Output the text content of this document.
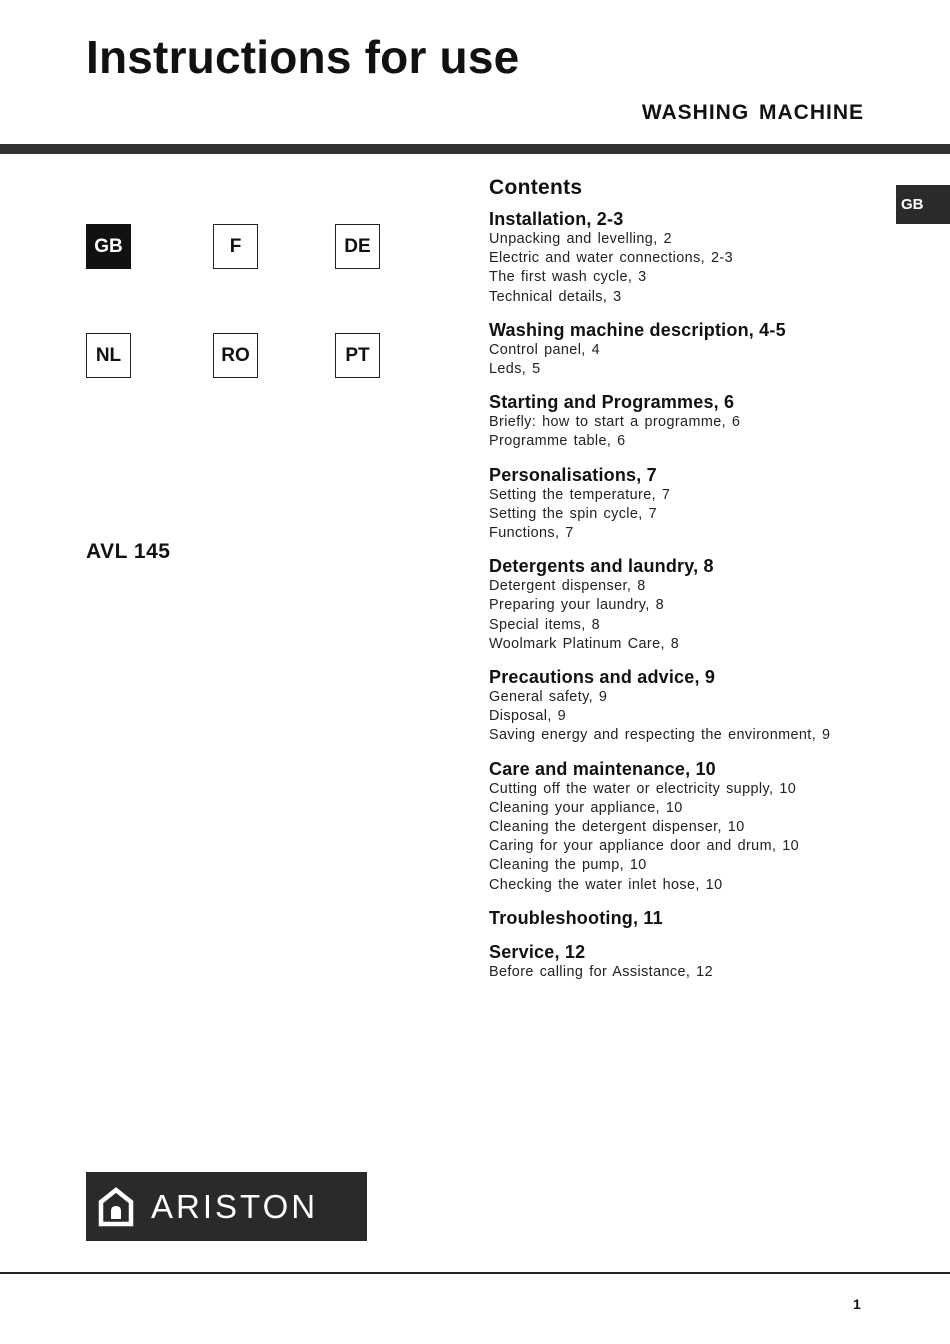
Instructions for use
WASHING MACHINE
GB
GB	F	DE
NL	RO	PT
AVL 145
Contents
Installation, 2-3
Unpacking and levelling, 2
Electric and water connections, 2-3
The first wash cycle, 3
Technical details, 3
Washing machine description, 4-5
Control panel, 4
Leds, 5
Starting and Programmes, 6
Briefly: how to start a programme, 6
Programme table, 6
Personalisations, 7
Setting the temperature, 7
Setting the spin cycle, 7
Functions, 7
Detergents and laundry, 8
Detergent dispenser, 8
Preparing your laundry, 8
Special items, 8
Woolmark Platinum Care, 8
Precautions and advice, 9
General safety, 9
Disposal, 9
Saving energy and respecting the environment, 9
Care and maintenance, 10
Cutting off the water or electricity supply, 10
Cleaning your appliance, 10
Cleaning the detergent dispenser, 10
Caring for your appliance door and drum, 10
Cleaning the pump, 10
Checking the water inlet hose, 10
Troubleshooting, 11
Service, 12
Before calling for Assistance, 12
ARISTON
1
